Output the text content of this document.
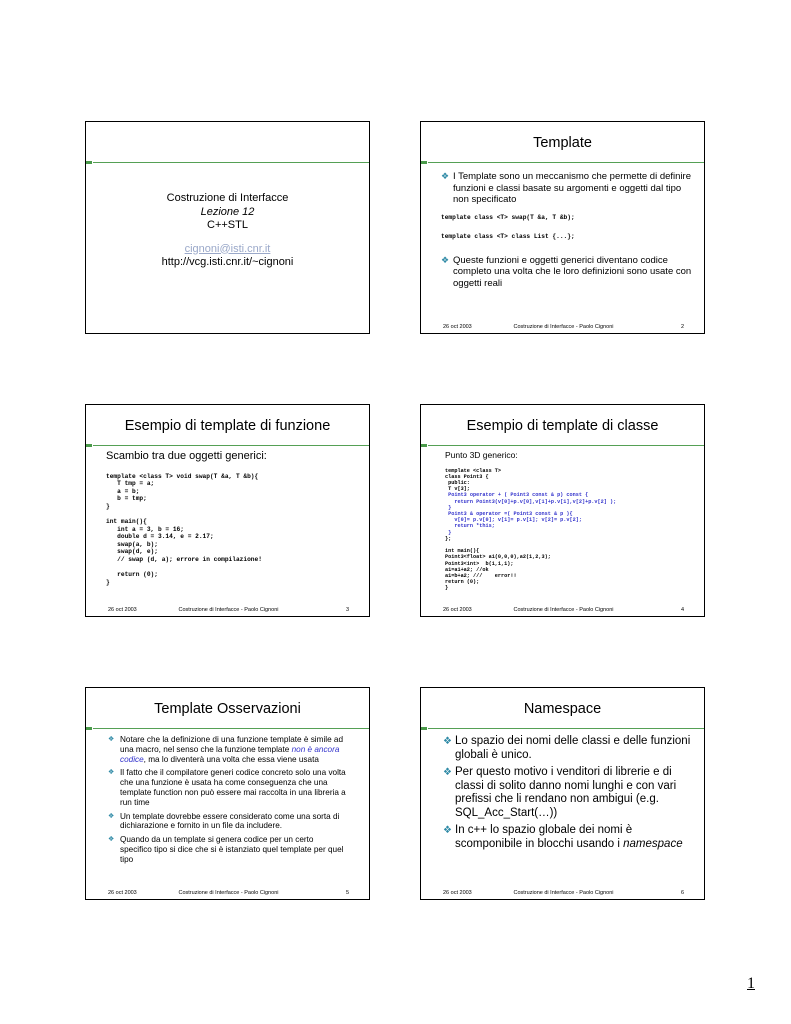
Costruzione di Interfacce
Lezione 12
C++STL
cignoni@isti.cnr.it
http://vcg.isti.cnr.it/~cignoni
Template
❖ I Template sono un meccanismo che permette di definire funzioni e classi basate su argomenti e oggetti dal tipo non specificato
template class <T> swap(T &a, T &b);
template class <T> class List {...};
❖ Queste funzioni e oggetti generici diventano codice completo una volta che le loro definizioni sono usate con oggetti reali
26 oct 2003	Costruzione di Interfacce - Paolo Cignoni	2
Esempio di template di funzione
Scambio tra due oggetti generici:
template <class T> void swap(T &a, T &b){
T tmp = a;
a = b;
b = tmp;
}

int main(){
int a = 3, b = 16;
double d = 3.14, e = 2.17;
swap(a, b);
swap(d, e);
// swap (d, a); errore in compilazione!

return (0);
}
26 oct 2003	Costruzione di Interfacce - Paolo Cignoni	3
Esempio di template di classe
Punto 3D generico:
template <class T>
class Point3 {
public:
T v[3];
Point3 operator + ( Point3 const & p) const {
return Point3(v[0]+p.v[0],v[1]+p.v[1],v[2]+p.v[2] );
}
Point3 & operator =( Point3 const & p ){
v[0]= p.v[0]; v[1]= p.v[1]; v[2]= p.v[2];
return *this;
}
};

int main(){
Point3<float> a1(0,0,0),a2(1,2,3);
Point3<int>  b(1,1,1);
a1=a1+a2; //ok
a1=b+a2; ///    error!!
return (0);
}
26 oct 2003	Costruzione di Interfacce - Paolo Cignoni	4
Template Osservazioni
❖ Notare che la definizione di una funzione template è simile ad una macro, nel senso che la funzione template non è ancora codice, ma lo diventerà una volta che essa viene usata
❖ Il fatto che il compilatore generi codice concreto solo una volta che una funzione è usata ha come conseguenza che una template function non può essere mai raccolta in una libreria a run time
❖ Un template dovrebbe essere considerato come una sorta di dichiarazione e fornito in un file da includere.
❖ Quando da un template si genera codice per un certo specifico tipo si dice che si è istanziato quel template per quel tipo
26 oct 2003	Costruzione di Interfacce - Paolo Cignoni	5
Namespace
❖ Lo spazio dei nomi delle classi e delle funzioni globali è unico.
❖ Per questo motivo i venditori di librerie e di classi di solito danno nomi lunghi e con vari prefissi che li rendano non ambigui (e.g. SQL_Acc_Start(…))
❖ In c++ lo spazio globale dei nomi è scomponibile in blocchi usando i namespace
26 oct 2003	Costruzione di Interfacce - Paolo Cignoni	6
1
